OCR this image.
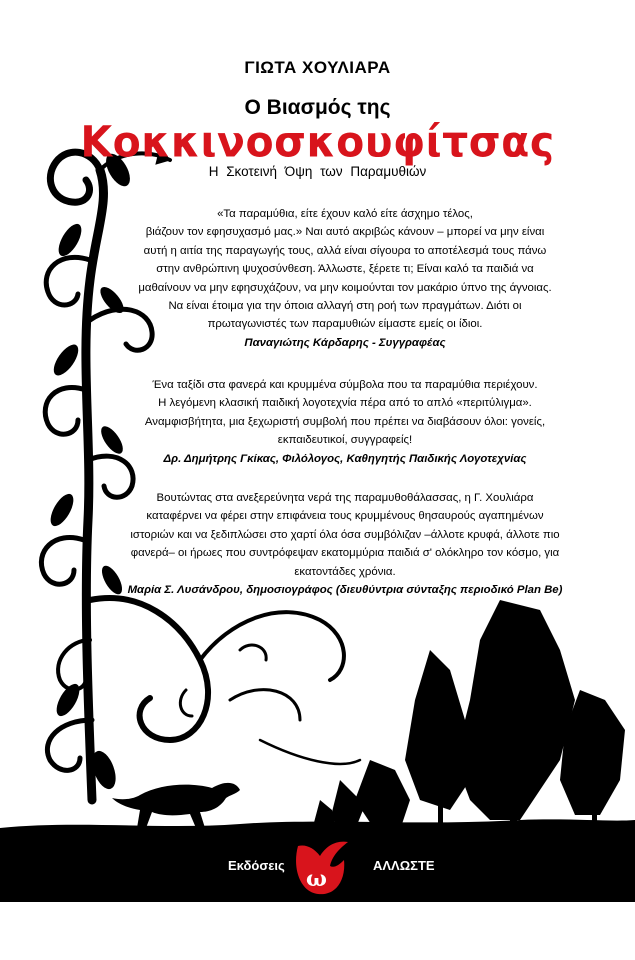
ω
ΓΙΩΤΑ ΧΟΥΛΙΑΡΑ
Ο Βιασμός της
Κοκκινοσκουφίτσας
Η Σκοτεινή Όψη των Παραμυθιών

«Τα παραμύθια, είτε έχουν καλό είτε άσχημο τέλος,

βιάζουν τον εφησυχασμό μας.» Ναι αυτό ακριβώς κάνουν – μπορεί να μην είναι

αυτή η αιτία της παραγωγής τους, αλλά είναι σίγουρα το αποτέλεσμά τους πάνω

στην ανθρώπινη ψυχοσύνθεση. Άλλωστε, ξέρετε τι; Είναι καλό τα παιδιά να

μαθαίνουν να μην εφησυχάζουν, να μην κοιμούνται τον μακάριο ύπνο της άγνοιας.

Να είναι έτοιμα για την όποια αλλαγή στη ροή των πραγμάτων. Διότι οι

πρωταγωνιστές των παραμυθιών είμαστε εμείς οι ίδιοι.

Παναγιώτης Κάρδαρης - Συγγραφέας

Ένα ταξίδι στα φανερά και κρυμμένα σύμβολα που τα παραμύθια περιέχουν.

Η λεγόμενη κλασική παιδική λογοτεχνία πέρα από το απλό «περιτύλιγμα».

Αναμφισβήτητα, μια ξεχωριστή συμβολή που πρέπει να διαβάσουν όλοι: γονείς,

εκπαιδευτικοί, συγγραφείς!

Δρ. Δημήτρης Γκίκας, Φιλόλογος, Καθηγητής Παιδικής Λογοτεχνίας

Βουτώντας στα ανεξερεύνητα νερά της παραμυθοθάλασσας, η Γ. Χουλιάρα

καταφέρνει να φέρει στην επιφάνεια τους κρυμμένους θησαυρούς αγαπημένων

ιστοριών και να ξεδιπλώσει στο χαρτί όλα όσα συμβόλιζαν –άλλοτε κρυφά, άλλοτε πιο

φανερά– οι ήρωες που συντρόφεψαν εκατομμύρια παιδιά σ' ολόκληρο τον κόσμο, για

εκατοντάδες χρόνια.

Μαρία Σ. Λυσάνδρου, δημοσιογράφος (διευθύντρια σύνταξης περιοδικό Plan Be)

Εκδόσεις	ΑΛΛΩΣΤΕ
